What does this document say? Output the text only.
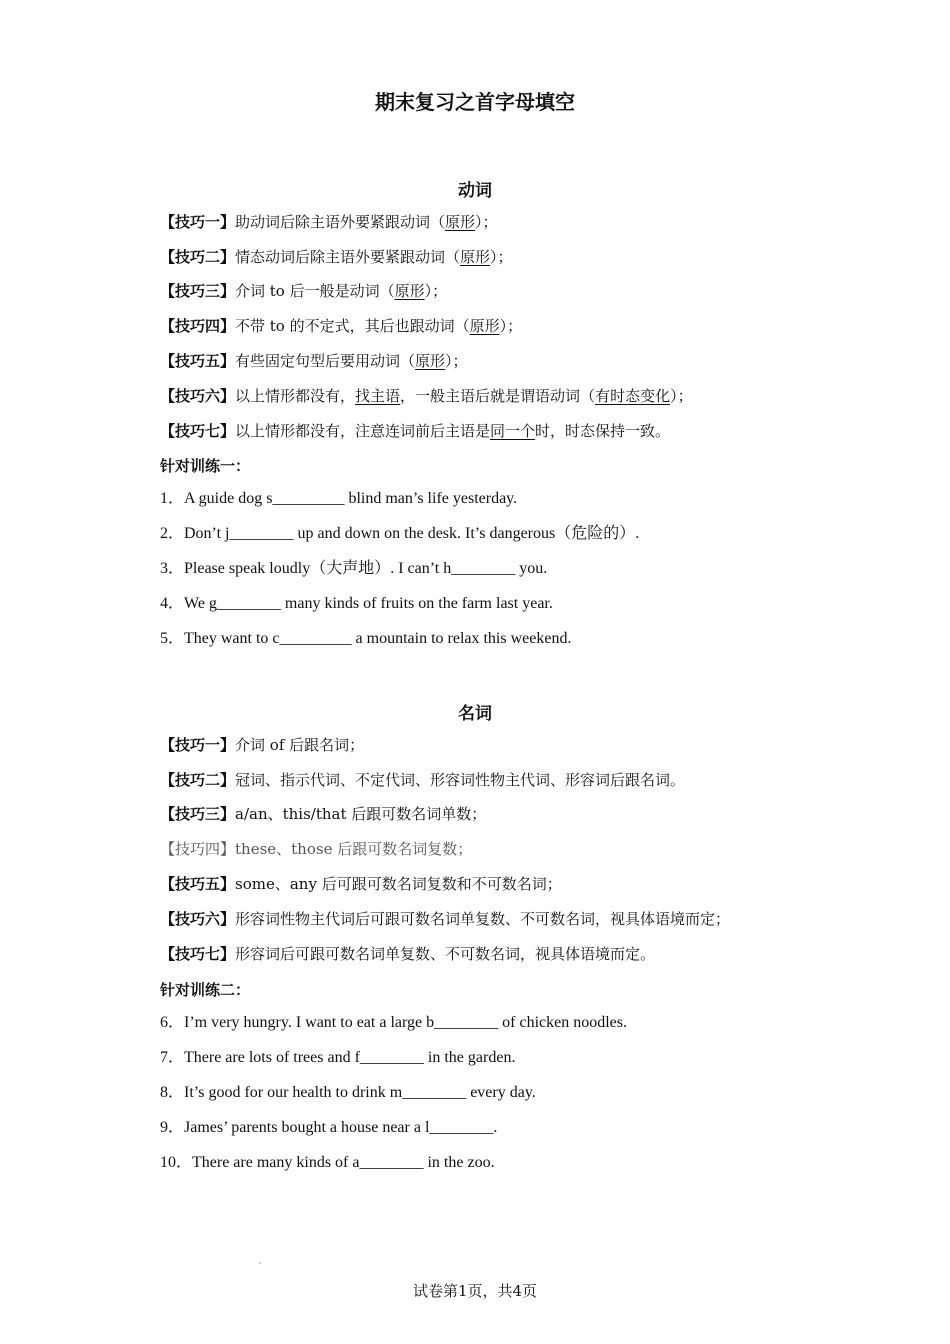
期末复习之首字母填空
动词
【技巧一】助动词后除主语外要紧跟动词（原形）；
【技巧二】情态动词后除主语外要紧跟动词（原形）；
【技巧三】介词 to 后一般是动词（原形）；
【技巧四】不带 to 的不定式，其后也跟动词（原形）；
【技巧五】有些固定句型后要用动词（原形）；
【技巧六】以上情形都没有，找主语，一般主语后就是谓语动词（有时态变化）；
【技巧七】以上情形都没有，注意连词前后主语是同一个时，时态保持一致。
针对训练一：
1．A guide dog s_________ blind man’s life yesterday.
2．Don’t j________ up and down on the desk. It’s dangerous（危险的）.
3．Please speak loudly（大声地）. I can’t h________ you.
4．We g________ many kinds of fruits on the farm last year.
5．They want to c_________ a mountain to relax this weekend.
名词
【技巧一】介词 of 后跟名词；
【技巧二】冠词、指示代词、不定代词、形容词性物主代词、形容词后跟名词。
【技巧三】a/an、this/that 后跟可数名词单数；
【技巧四】these、those 后跟可数名词复数；
【技巧五】some、any 后可跟可数名词复数和不可数名词；
【技巧六】形容词性物主代词后可跟可数名词单复数、不可数名词，视具体语境而定；
【技巧七】形容词后可跟可数名词单复数、不可数名词，视具体语境而定。
针对训练二：
6．I’m very hungry. I want to eat a large b________ of chicken noodles.
7．There are lots of trees and f________ in the garden.
8．It’s good for our health to drink m________ every day.
9．James’ parents bought a house near a l________.
10．There are many kinds of a________ in the zoo.
试卷第1页，共4页
